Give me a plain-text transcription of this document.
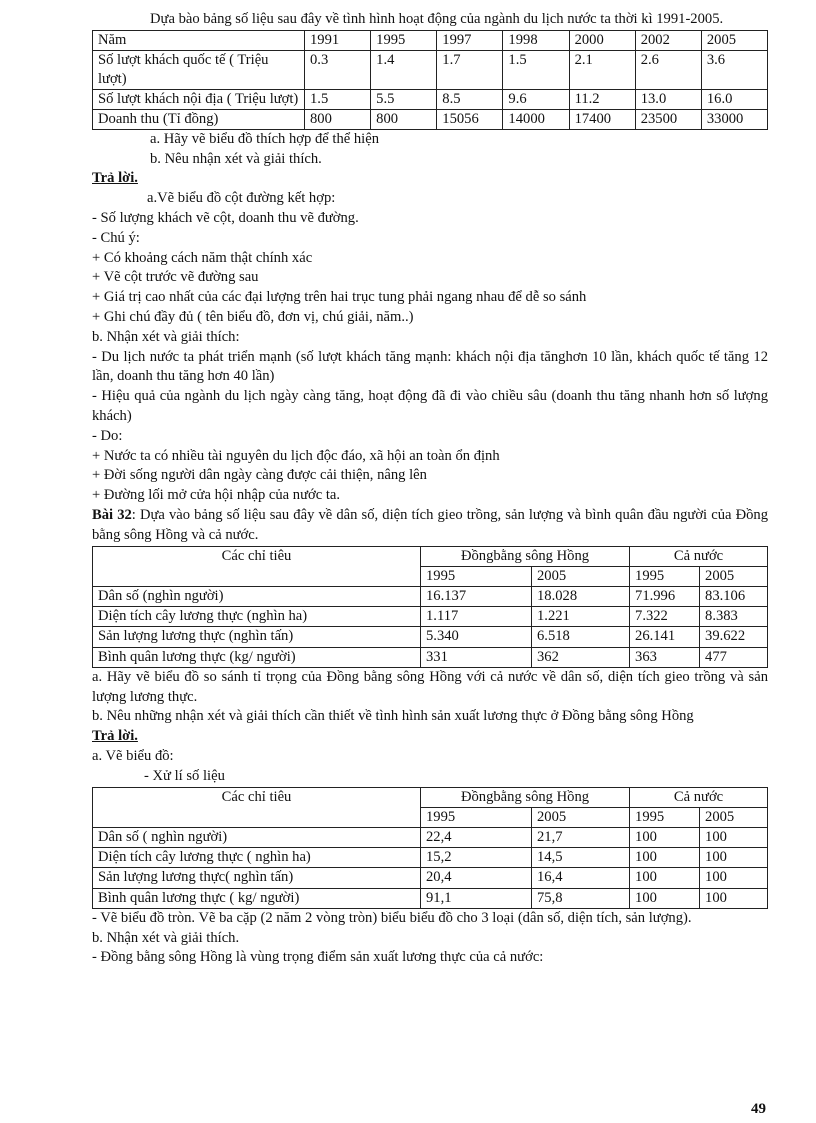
Dựa bào bảng số liệu sau đây về tình hình hoạt động của ngành du lịch nước ta thời kì 1991-2005.

Năm	1991	1995	1997	1998	2000	2002	2005
Số lượt khách quốc tế ( Triệu lượt)	0.3	1.4	1.7	1.5	2.1	2.6	3.6
Số lượt khách nội địa ( Triệu lượt)	1.5	5.5	8.5	9.6	11.2	13.0	16.0
Doanh thu (Tỉ đồng)	800	800	15056	14000	17400	23500	33000

a. Hãy vẽ biểu đồ thích hợp để thể hiện

b. Nêu nhận xét và giải thích.

Trả lời.

a.Vẽ biểu đồ cột đường kết hợp:

- Số lượng khách vẽ cột, doanh thu vẽ đường.

- Chú ý:

+ Có khoảng cách năm thật chính xác

+ Vẽ cột trước vẽ đường sau

+ Giá trị cao nhất của các đại lượng trên hai trục tung phải ngang nhau để dễ so sánh

+ Ghi chú đầy đủ ( tên biểu đồ, đơn vị, chú giải, năm..)

b. Nhận xét và giải thích:

- Du lịch nước ta phát triển mạnh (số lượt khách tăng mạnh: khách nội địa tănghơn 10 lần, khách quốc tế tăng 12 lần, doanh thu tăng hơn 40 lần)

- Hiệu quả của ngành du lịch ngày càng tăng, hoạt động đã đi vào chiều sâu (doanh thu tăng nhanh hơn số lượng khách)

- Do:

+ Nước ta có nhiều tài nguyên du lịch độc đáo, xã hội an toàn ổn định

+ Đời sống người dân ngày càng được cải thiện, nâng lên

+ Đường lối mở cửa hội nhập của nước ta.

Bài 32: Dựa vào bảng số liệu sau đây về dân số, diện tích gieo trồng, sản lượng và bình quân đầu người của Đồng bằng sông Hồng và cả nước.

Các chỉ tiêu	Đồngbằng sông Hồng		Cả nước	
	1995	2005	1995	2005
Dân số (nghìn người)	16.137	18.028	71.996	83.106
Diện tích cây lương thực (nghìn ha)	1.117	1.221	7.322	8.383
Sản lượng lương thực (nghìn tấn)	5.340	6.518	26.141	39.622
Bình quân lương thực (kg/ người)	331	362	363	477

a. Hãy vẽ biểu đồ so sánh tỉ trọng của Đồng bằng sông Hồng với cả nước về dân số, diện tích gieo trồng và sản lượng lương thực.

b. Nêu những nhận xét và giải thích cần thiết về tình hình sản xuất lương thực ở Đồng bằng sông Hồng

Trả lời.

a. Vẽ biểu đồ:

- Xử lí số liệu

Các chỉ tiêu	Đồngbằng sông Hồng		Cả nước	
	1995	2005	1995	2005
Dân số ( nghìn người)	22,4	21,7	100	100
Diện tích cây lương thực ( nghìn ha)	15,2	14,5	100	100
Sản lượng lương thực( nghìn tấn)	20,4	16,4	100	100
Bình quân lương thực ( kg/ người)	91,1	75,8	100	100

- Vẽ biểu đồ tròn. Vẽ ba cặp (2 năm 2 vòng tròn) biểu biểu đồ cho 3 loại (dân số, diện tích, sản lượng).

b. Nhận xét và giải thích.

- Đồng bằng sông Hồng là vùng trọng điểm sản xuất lương thực của cả nước:

49
